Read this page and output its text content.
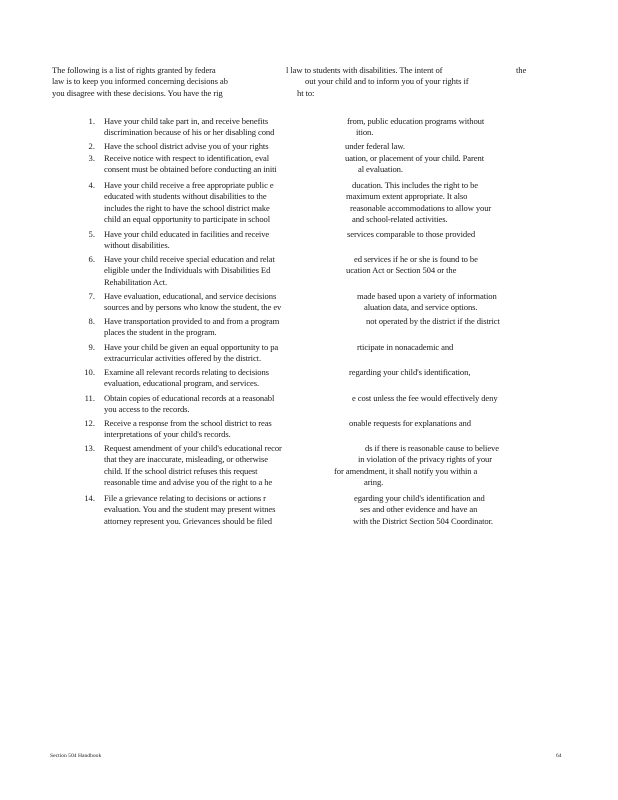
The following is a list of rights granted by federa	l law to students with disabilities. The intent of	the
law is to keep you informed concerning decisions ab	out your child and to inform you of your rights if
you disagree with these decisions. You have the rig	ht to:
1. Have your child take part in, and receive benefits	from, public education programs without
discrimination because of his or her disabling cond	ition.
2. Have the school district advise you of your rights	under federal law.
3. Receive notice with respect to identification, eval	uation, or placement of your child. Parent
consent must be obtained before conducting an initi	al evaluation.
4. Have your child receive a free appropriate public e	ducation. This includes the right to be
educated with students without disabilities to the	maximum extent appropriate. It also
includes the right to have the school district make	reasonable accommodations to allow your
child an equal opportunity to participate in school	and school-related activities.
5. Have your child educated in facilities and receive	services comparable to those provided
without disabilities.
6. Have your child receive special education and relat	ed services if he or she is found to be
eligible under the Individuals with Disabilities Ed	ucation Act or Section 504 or the
Rehabilitation Act.
7. Have evaluation, educational, and service decisions	made based upon a variety of information
sources and by persons who know the student, the ev	aluation data, and service options.
8. Have transportation provided to and from a program	not operated by the district if the district
places the student in the program.
9. Have your child be given an equal opportunity to pa	rticipate in nonacademic and
extracurricular activities offered by the district.
10. Examine all relevant records relating to decisions	regarding your child's identification,
evaluation, educational program, and services.
11. Obtain copies of educational records at a reasonabl	e cost unless the fee would effectively deny
you access to the records.
12. Receive a response from the school district to reas	onable requests for explanations and
interpretations of your child's records.
13. Request amendment of your child's educational recor	ds if there is reasonable cause to believe
that they are inaccurate, misleading, or otherwise	in violation of the privacy rights of your
child. If the school district refuses this request	for amendment, it shall notify you within a
reasonable time and advise you of the right to a he	aring.
14. File a grievance relating to decisions or actions r	egarding your child's identification and
evaluation. You and the student may present witnes	ses and other evidence and have an
attorney represent you. Grievances should be filed	with the District Section 504 Coordinator.
Section 504 Handbook	64
